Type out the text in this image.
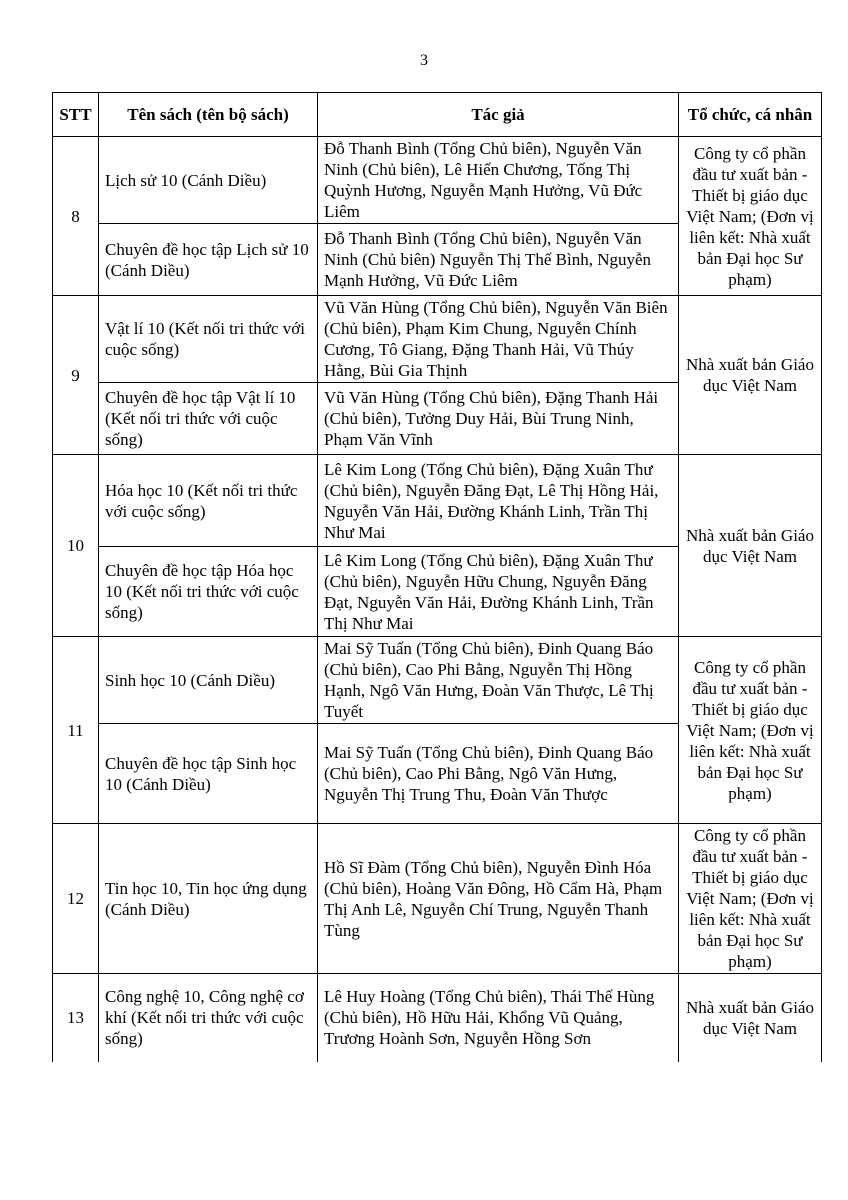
3
STT	Tên sách (tên bộ sách)	Tác giả	Tổ chức, cá nhân
8	Lịch sử 10 (Cánh Diều)	Đỗ Thanh Bình (Tổng Chủ biên), Nguyễn Văn Ninh (Chủ biên), Lê Hiến Chương, Tống Thị Quỳnh Hương, Nguyễn Mạnh Hưởng, Vũ Đức Liêm	Công ty cổ phần đầu tư xuất bản - Thiết bị giáo dục Việt Nam; (Đơn vị liên kết: Nhà xuất bản Đại học Sư phạm)
	Chuyên đề học tập Lịch sử 10 (Cánh Diều)	Đỗ Thanh Bình (Tổng Chủ biên), Nguyễn Văn Ninh (Chủ biên) Nguyễn Thị Thế Bình, Nguyễn Mạnh Hưởng, Vũ Đức Liêm	
9	Vật lí 10 (Kết nối tri thức với cuộc sống)	Vũ Văn Hùng (Tổng Chủ biên), Nguyễn Văn Biên (Chủ biên), Phạm Kim Chung, Nguyễn Chính Cương, Tô Giang, Đặng Thanh Hải, Vũ Thúy Hằng, Bùi Gia Thịnh	Nhà xuất bản Giáo dục Việt Nam
	Chuyên đề học tập Vật lí 10 (Kết nối tri thức với cuộc sống)	Vũ Văn Hùng (Tổng Chủ biên), Đặng Thanh Hải (Chủ biên), Tưởng Duy Hải, Bùi Trung Ninh, Phạm Văn Vĩnh	
10	Hóa học 10 (Kết nối tri thức với cuộc sống)	Lê Kim Long (Tổng Chủ biên), Đặng Xuân Thư (Chủ biên), Nguyễn Đăng Đạt, Lê Thị Hồng Hải, Nguyễn Văn Hải, Đường Khánh Linh, Trần Thị Như Mai	Nhà xuất bản Giáo dục Việt Nam
	Chuyên đề học tập Hóa học 10 (Kết nối tri thức với cuộc sống)	Lê Kim Long (Tổng Chủ biên), Đặng Xuân Thư (Chủ biên), Nguyễn Hữu Chung, Nguyễn Đăng Đạt, Nguyễn Văn Hải, Đường Khánh Linh, Trần Thị Như Mai	
11	Sinh học 10 (Cánh Diều)	Mai Sỹ Tuấn (Tổng Chủ biên), Đinh Quang Báo (Chủ biên), Cao Phi Bằng, Nguyễn Thị Hồng Hạnh, Ngô Văn Hưng, Đoàn Văn Thược, Lê Thị Tuyết	Công ty cổ phần đầu tư xuất bản - Thiết bị giáo dục Việt Nam; (Đơn vị liên kết: Nhà xuất bản Đại học Sư phạm)
	Chuyên đề học tập Sinh học 10 (Cánh Diều)	Mai Sỹ Tuấn (Tổng Chủ biên), Đinh Quang Báo (Chủ biên), Cao Phi Bằng, Ngô Văn Hưng, Nguyễn Thị Trung Thu, Đoàn Văn Thược	
12	Tin học 10, Tin học ứng dụng (Cánh Diều)	Hồ Sĩ Đàm (Tổng Chủ biên), Nguyễn Đình Hóa (Chủ biên), Hoàng Văn Đông, Hồ Cẩm Hà, Phạm Thị Anh Lê, Nguyễn Chí Trung, Nguyễn Thanh Tùng	Công ty cổ phần đầu tư xuất bản - Thiết bị giáo dục Việt Nam; (Đơn vị liên kết: Nhà xuất bản Đại học Sư phạm)
13	Công nghệ 10, Công nghệ cơ khí (Kết nối tri thức với cuộc sống)	Lê Huy Hoàng (Tổng Chủ biên), Thái Thế Hùng (Chủ biên), Hồ Hữu Hải, Khổng Vũ Quảng, Trương Hoành Sơn, Nguyễn Hồng Sơn	Nhà xuất bản Giáo dục Việt Nam
